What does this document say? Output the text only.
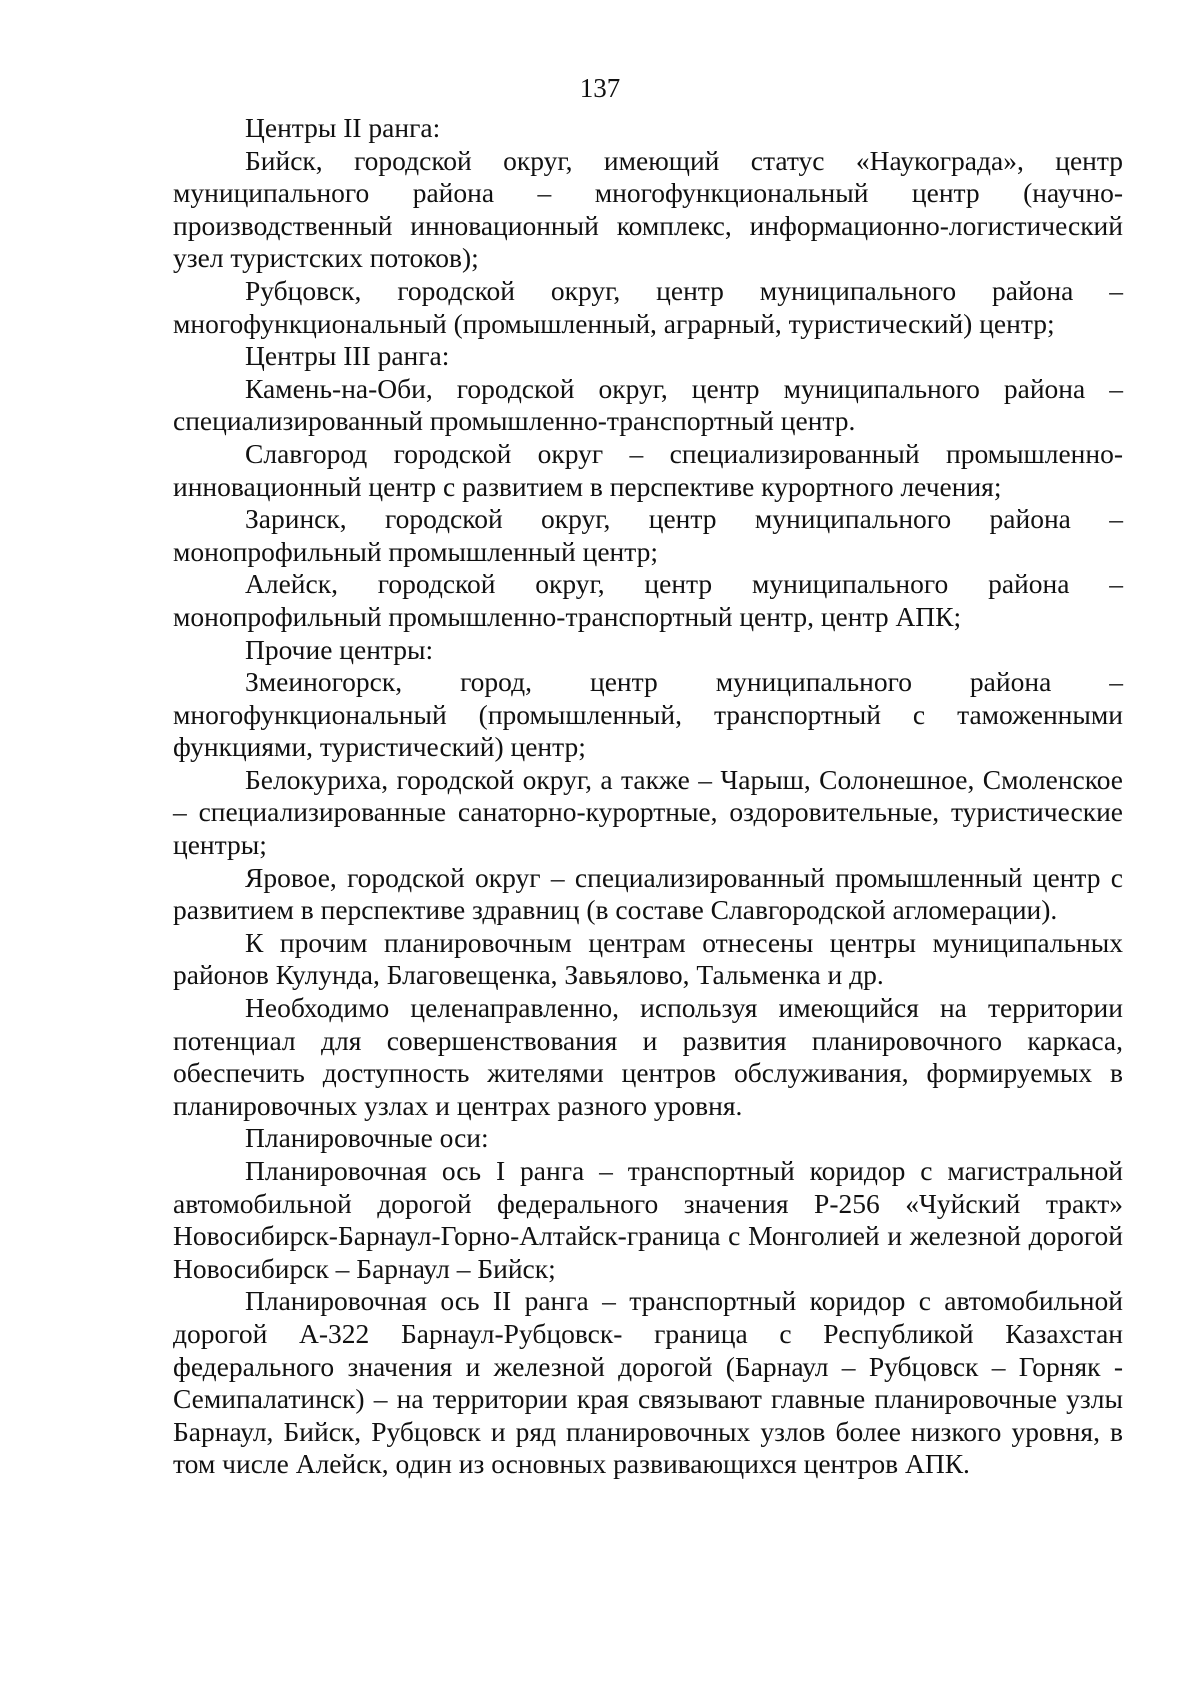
137

Центры II ранга:

Бийск, городской округ, имеющий статус «Наукограда», центр муниципального района – многофункциональный центр (научно-производственный инновационный комплекс, информационно-логистический узел туристских потоков);

Рубцовск, городской округ, центр муниципального района – многофункциональный (промышленный, аграрный, туристический) центр;

Центры III ранга:

Камень-на-Оби, городской округ, центр муниципального района – специализированный промышленно-транспортный центр.

Славгород городской округ – специализированный промышленно-инновационный центр с развитием в перспективе курортного лечения;

Заринск, городской округ, центр муниципального района – монопрофильный промышленный центр;

Алейск, городской округ, центр муниципального района – монопрофильный промышленно-транспортный центр, центр АПК;

Прочие центры:

Змеиногорск, город, центр муниципального района – многофункциональный (промышленный, транспортный с таможенными функциями, туристический) центр;

Белокуриха, городской округ, а также – Чарыш, Солонешное, Смоленское – специализированные санаторно-курортные, оздоровительные, туристические центры;

Яровое, городской округ – специализированный промышленный центр с развитием в перспективе здравниц (в составе Славгородской агломерации).

К прочим планировочным центрам отнесены центры муниципальных районов Кулунда, Благовещенка, Завьялово, Тальменка и др.

Необходимо целенаправленно, используя имеющийся на территории потенциал для совершенствования и развития планировочного каркаса, обеспечить доступность жителями центров обслуживания, формируемых в планировочных узлах и центрах разного уровня.

Планировочные оси:

Планировочная ось I ранга – транспортный коридор с магистральной автомобильной дорогой федерального значения Р-256 «Чуйский тракт» Новосибирск-Барнаул-Горно-Алтайск-граница с Монголией и железной дорогой Новосибирск – Барнаул – Бийск;

Планировочная ось II ранга – транспортный коридор с автомобильной дорогой А-322 Барнаул-Рубцовск- граница с Республикой Казахстан федерального значения и железной дорогой (Барнаул – Рубцовск – Горняк - Семипалатинск) – на территории края связывают главные планировочные узлы Барнаул, Бийск, Рубцовск и ряд планировочных узлов более низкого уровня, в том числе Алейск, один из основных развивающихся центров АПК.
